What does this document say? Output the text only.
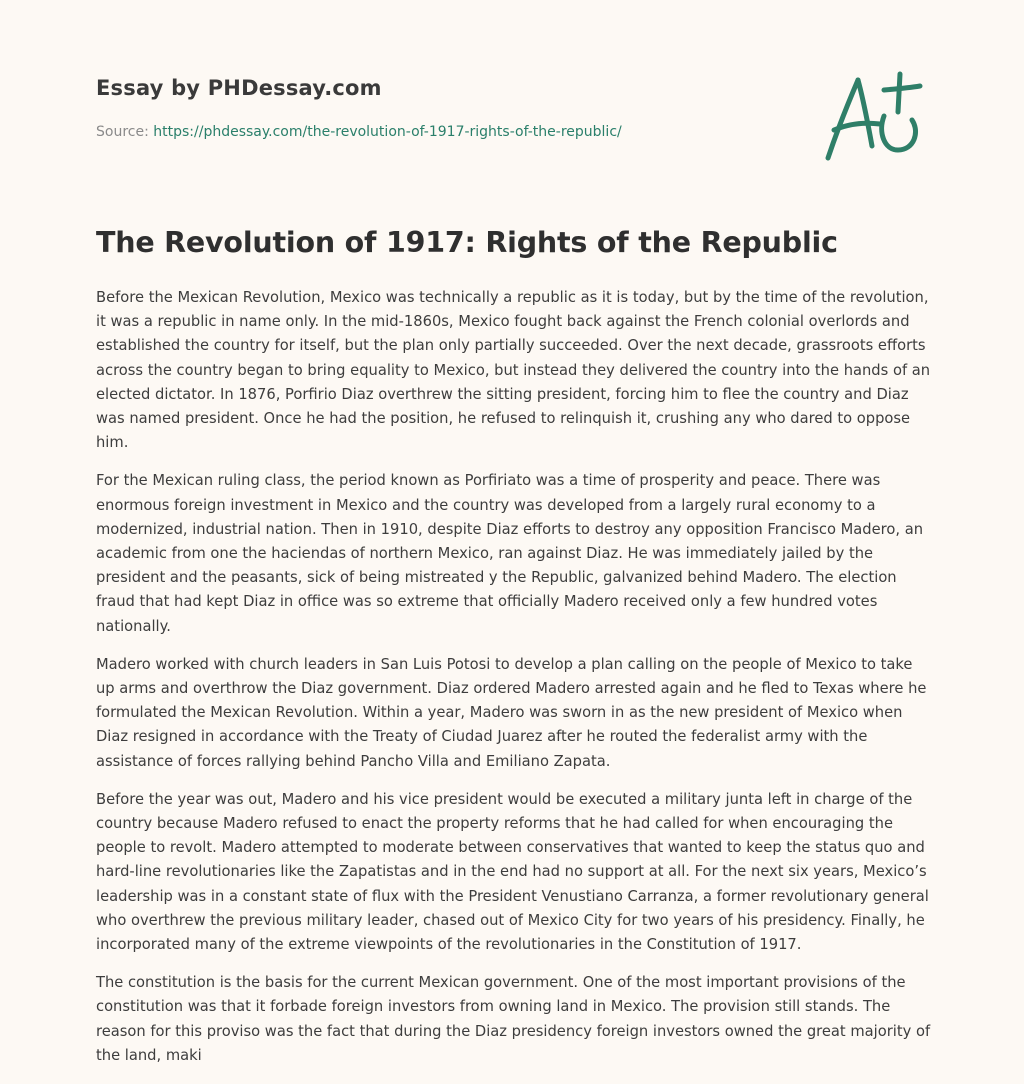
Essay by PHDessay.com
Source: https://phdessay.com/the-revolution-of-1917-rights-of-the-republic/
The Revolution of 1917: Rights of the Republic

Before the Mexican Revolution, Mexico was technically a republic as it is today, but by the time of the revolution, it was a republic in name only. In the mid-1860s, Mexico fought back against the French colonial overlords and established the country for itself, but the plan only partially succeeded. Over the next decade, grassroots efforts across the country began to bring equality to Mexico, but instead they delivered the country into the hands of an elected dictator. In 1876, Porfirio Diaz overthrew the sitting president, forcing him to flee the country and Diaz was named president. Once he had the position, he refused to relinquish it, crushing any who dared to oppose him.

For the Mexican ruling class, the period known as Porfiriato was a time of prosperity and peace. There was enormous foreign investment in Mexico and the country was developed from a largely rural economy to a modernized, industrial nation. Then in 1910, despite Diaz efforts to destroy any opposition Francisco Madero, an academic from one the haciendas of northern Mexico, ran against Diaz. He was immediately jailed by the president and the peasants, sick of being mistreated y the Republic, galvanized behind Madero. The election fraud that had kept Diaz in office was so extreme that officially Madero received only a few hundred votes nationally.

Madero worked with church leaders in San Luis Potosi to develop a plan calling on the people of Mexico to take up arms and overthrow the Diaz government. Diaz ordered Madero arrested again and he fled to Texas where he formulated the Mexican Revolution. Within a year, Madero was sworn in as the new president of Mexico when Diaz resigned in accordance with the Treaty of Ciudad Juarez after he routed the federalist army with the assistance of forces rallying behind Pancho Villa and Emiliano Zapata.

Before the year was out, Madero and his vice president would be executed a military junta left in charge of the country because Madero refused to enact the property reforms that he had called for when encouraging the people to revolt. Madero attempted to moderate between conservatives that wanted to keep the status quo and hard-line revolutionaries like the Zapatistas and in the end had no support at all. For the next six years, Mexico’s leadership was in a constant state of flux with the President Venustiano Carranza, a former revolutionary general who overthrew the previous military leader, chased out of Mexico City for two years of his presidency. Finally, he incorporated many of the extreme viewpoints of the revolutionaries in the Constitution of 1917.

The constitution is the basis for the current Mexican government. One of the most important provisions of the constitution was that it forbade foreign investors from owning land in Mexico. The provision still stands. The reason for this proviso was the fact that during the Diaz presidency foreign investors owned the great majority of the land, maki
